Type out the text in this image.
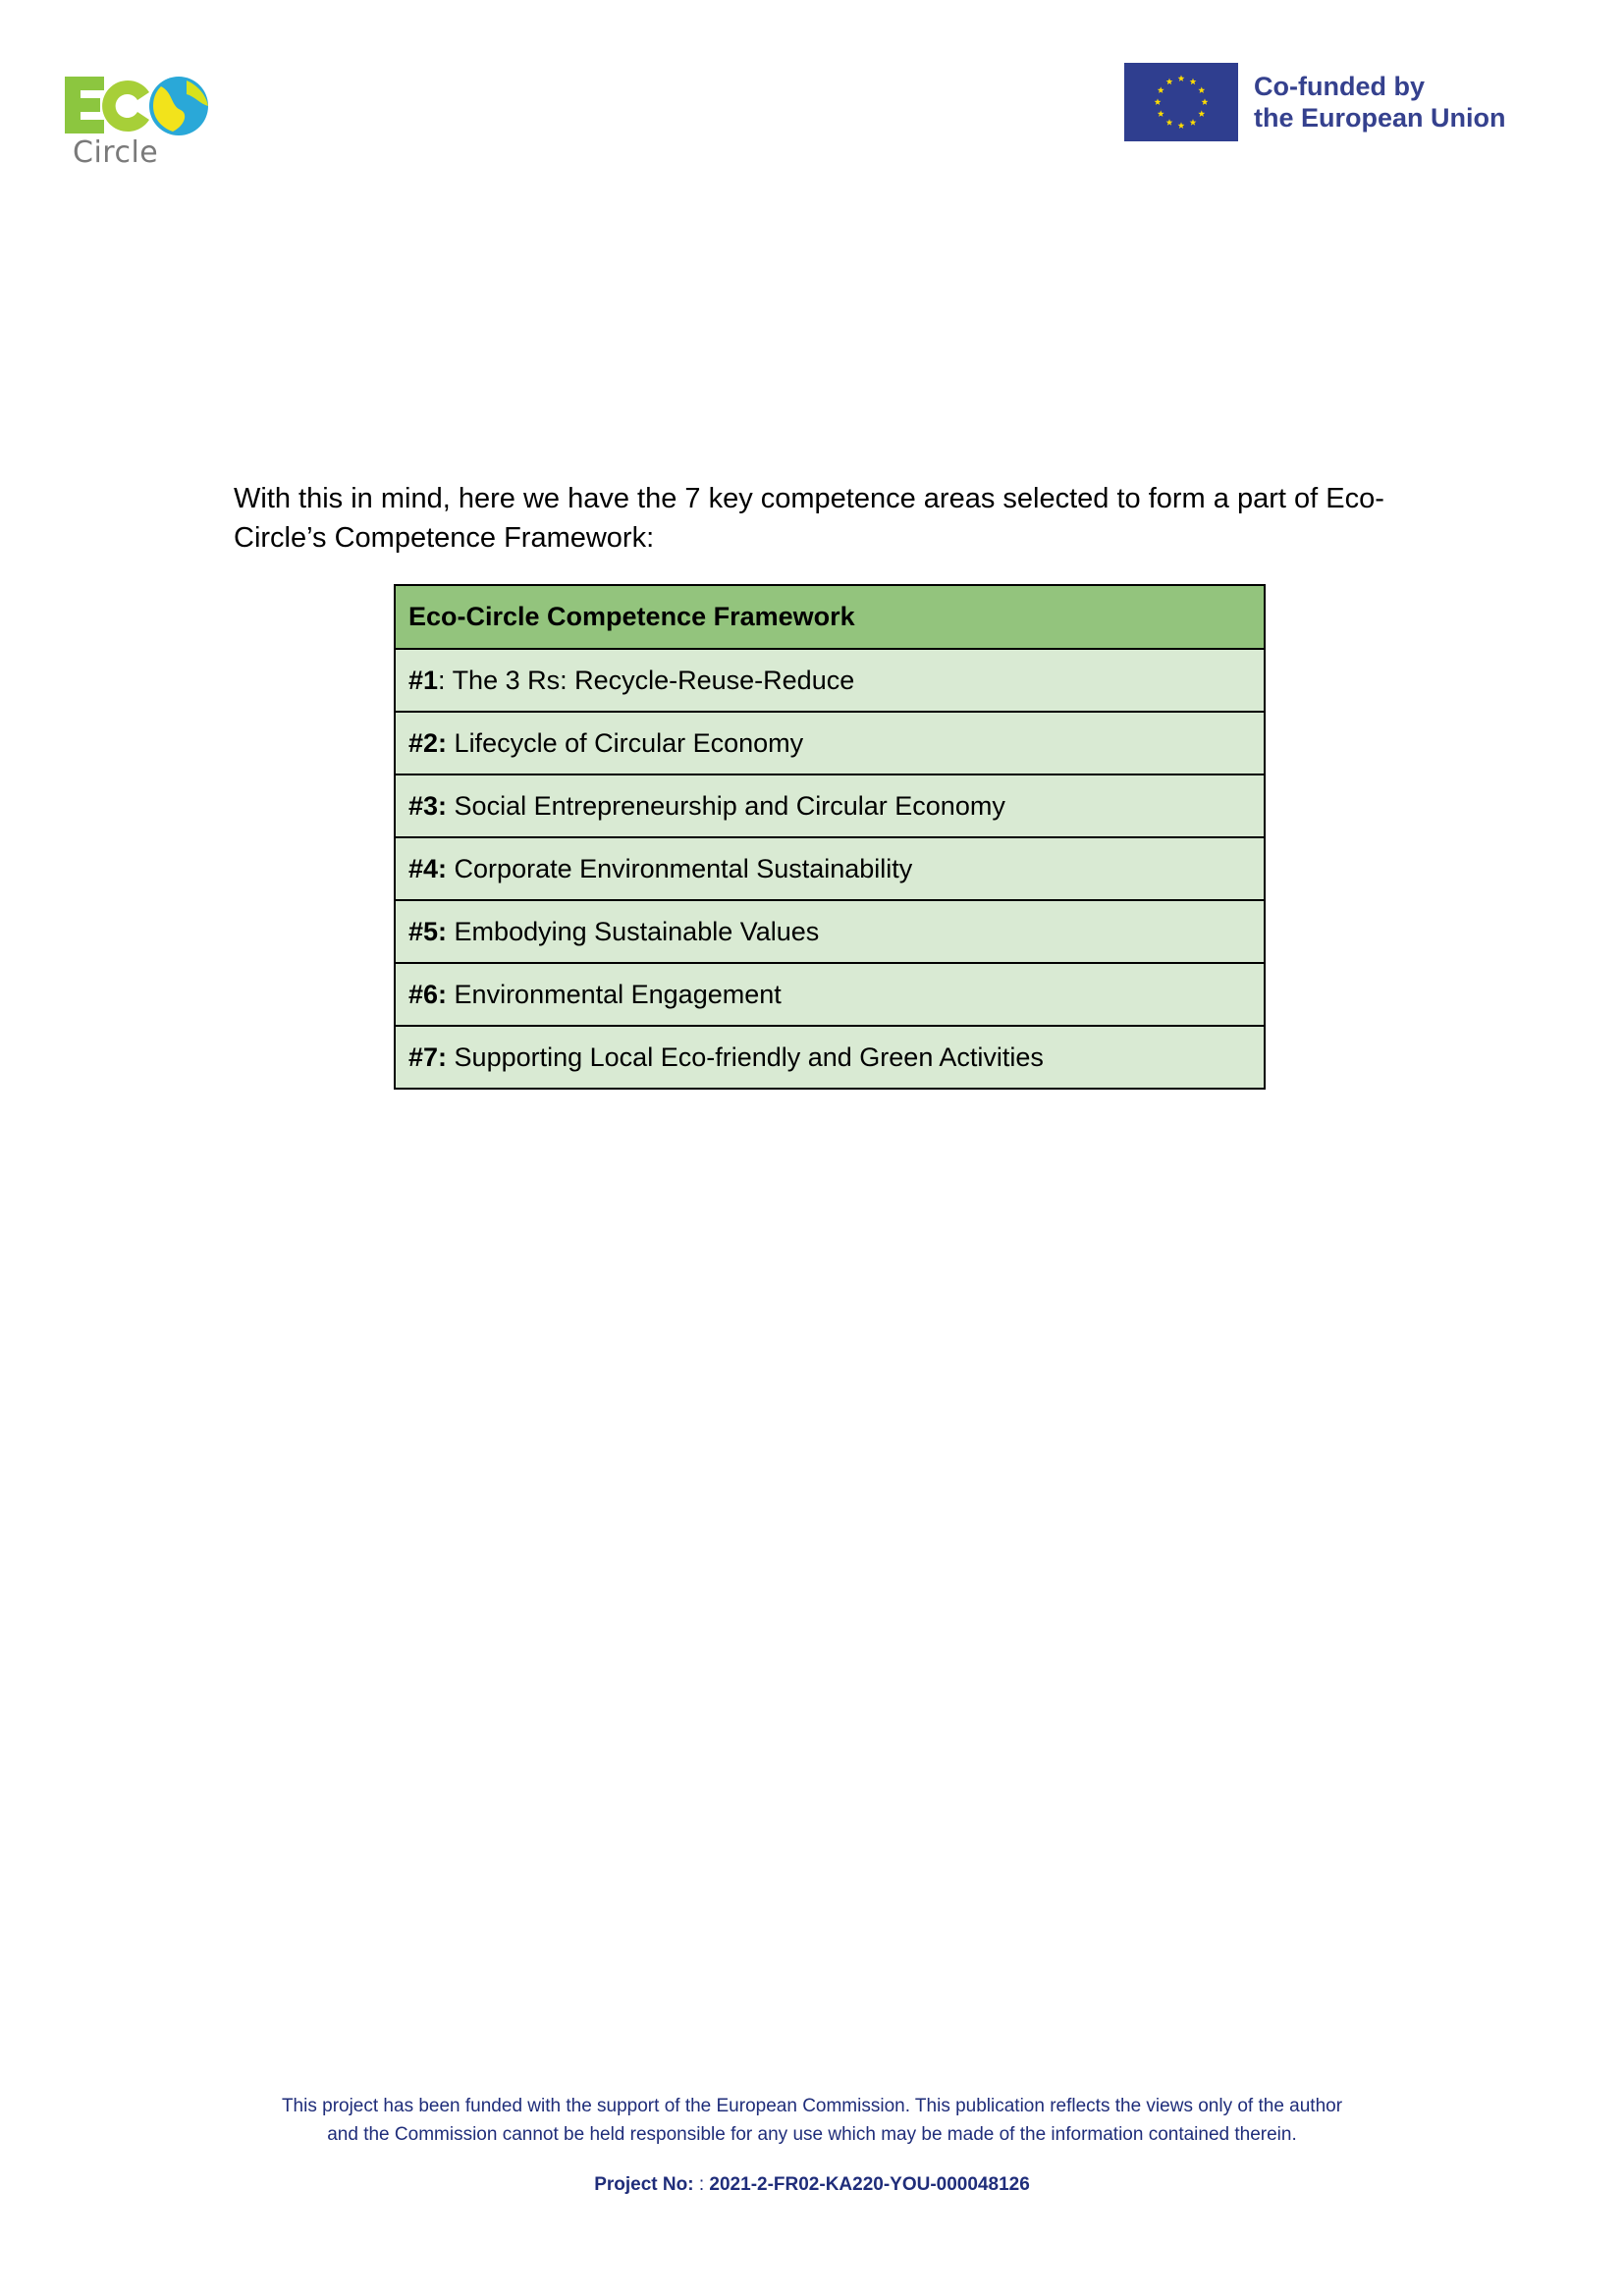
Circle
Co-funded by
the European Union
With this in mind, here we have the 7 key competence areas selected to form a part of Eco-Circle’s Competence Framework:
Eco-Circle Competence Framework
#1: The 3 Rs: Recycle-Reuse-Reduce
#2: Lifecycle of Circular Economy
#3: Social Entrepreneurship and Circular Economy
#4: Corporate Environmental Sustainability
#5: Embodying Sustainable Values
#6: Environmental Engagement
#7: Supporting Local Eco-friendly and Green Activities
This project has been funded with the support of the European Commission. This publication reflects the views only of the author
and the Commission cannot be held responsible for any use which may be made of the information contained therein.
Project No: : 2021-2-FR02-KA220-YOU-000048126
